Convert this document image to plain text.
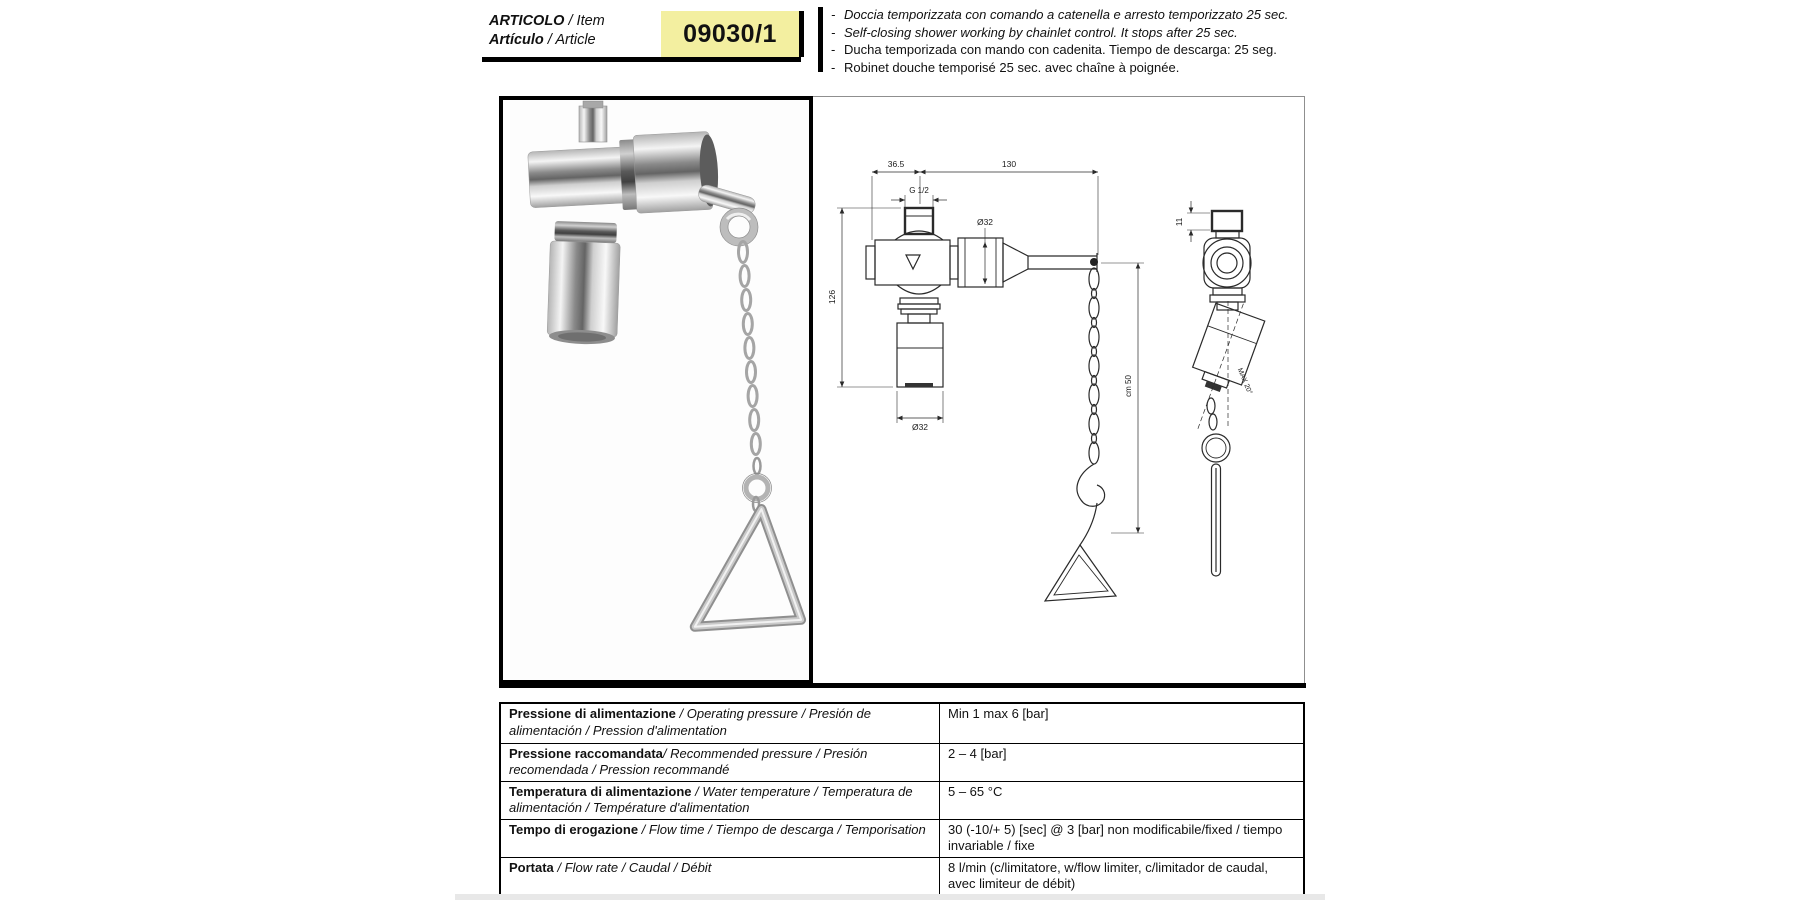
ARTICOLO / Item
Artículo / Article	09030/1
- Doccia temporizzata con comando a catenella e arresto temporizzato 25 sec.
- Self-closing shower working by chainlet control. It stops after 25 sec.
- Ducha temporizada con mando con cadenita. Tiempo de descarga: 25 seg.
- Robinet douche temporisé 25 sec. avec chaîne à poignée.
36.5	130
G 1/2
Ø32
126
Ø32
cm 50
11
MAX 20°
Pressione di alimentazione / Operating pressure / Presión de alimentación / Pression d'alimentation	Min 1 max 6 [bar]
Pressione raccomandata/ Recommended pressure / Presión recomendada / Pression recommandé	2 – 4 [bar]
Temperatura di alimentazione / Water temperature / Temperatura de alimentación / Température d'alimentation	5 – 65 °C
Tempo di erogazione / Flow time / Tiempo de descarga / Temporisation	30 (-10/+ 5) [sec] @ 3 [bar] non modificabile/fixed / tiempo invariable / fixe
Portata / Flow rate / Caudal / Débit	8 l/min (c/limitatore, w/flow limiter, c/limitador de caudal, avec limiteur de débit)
